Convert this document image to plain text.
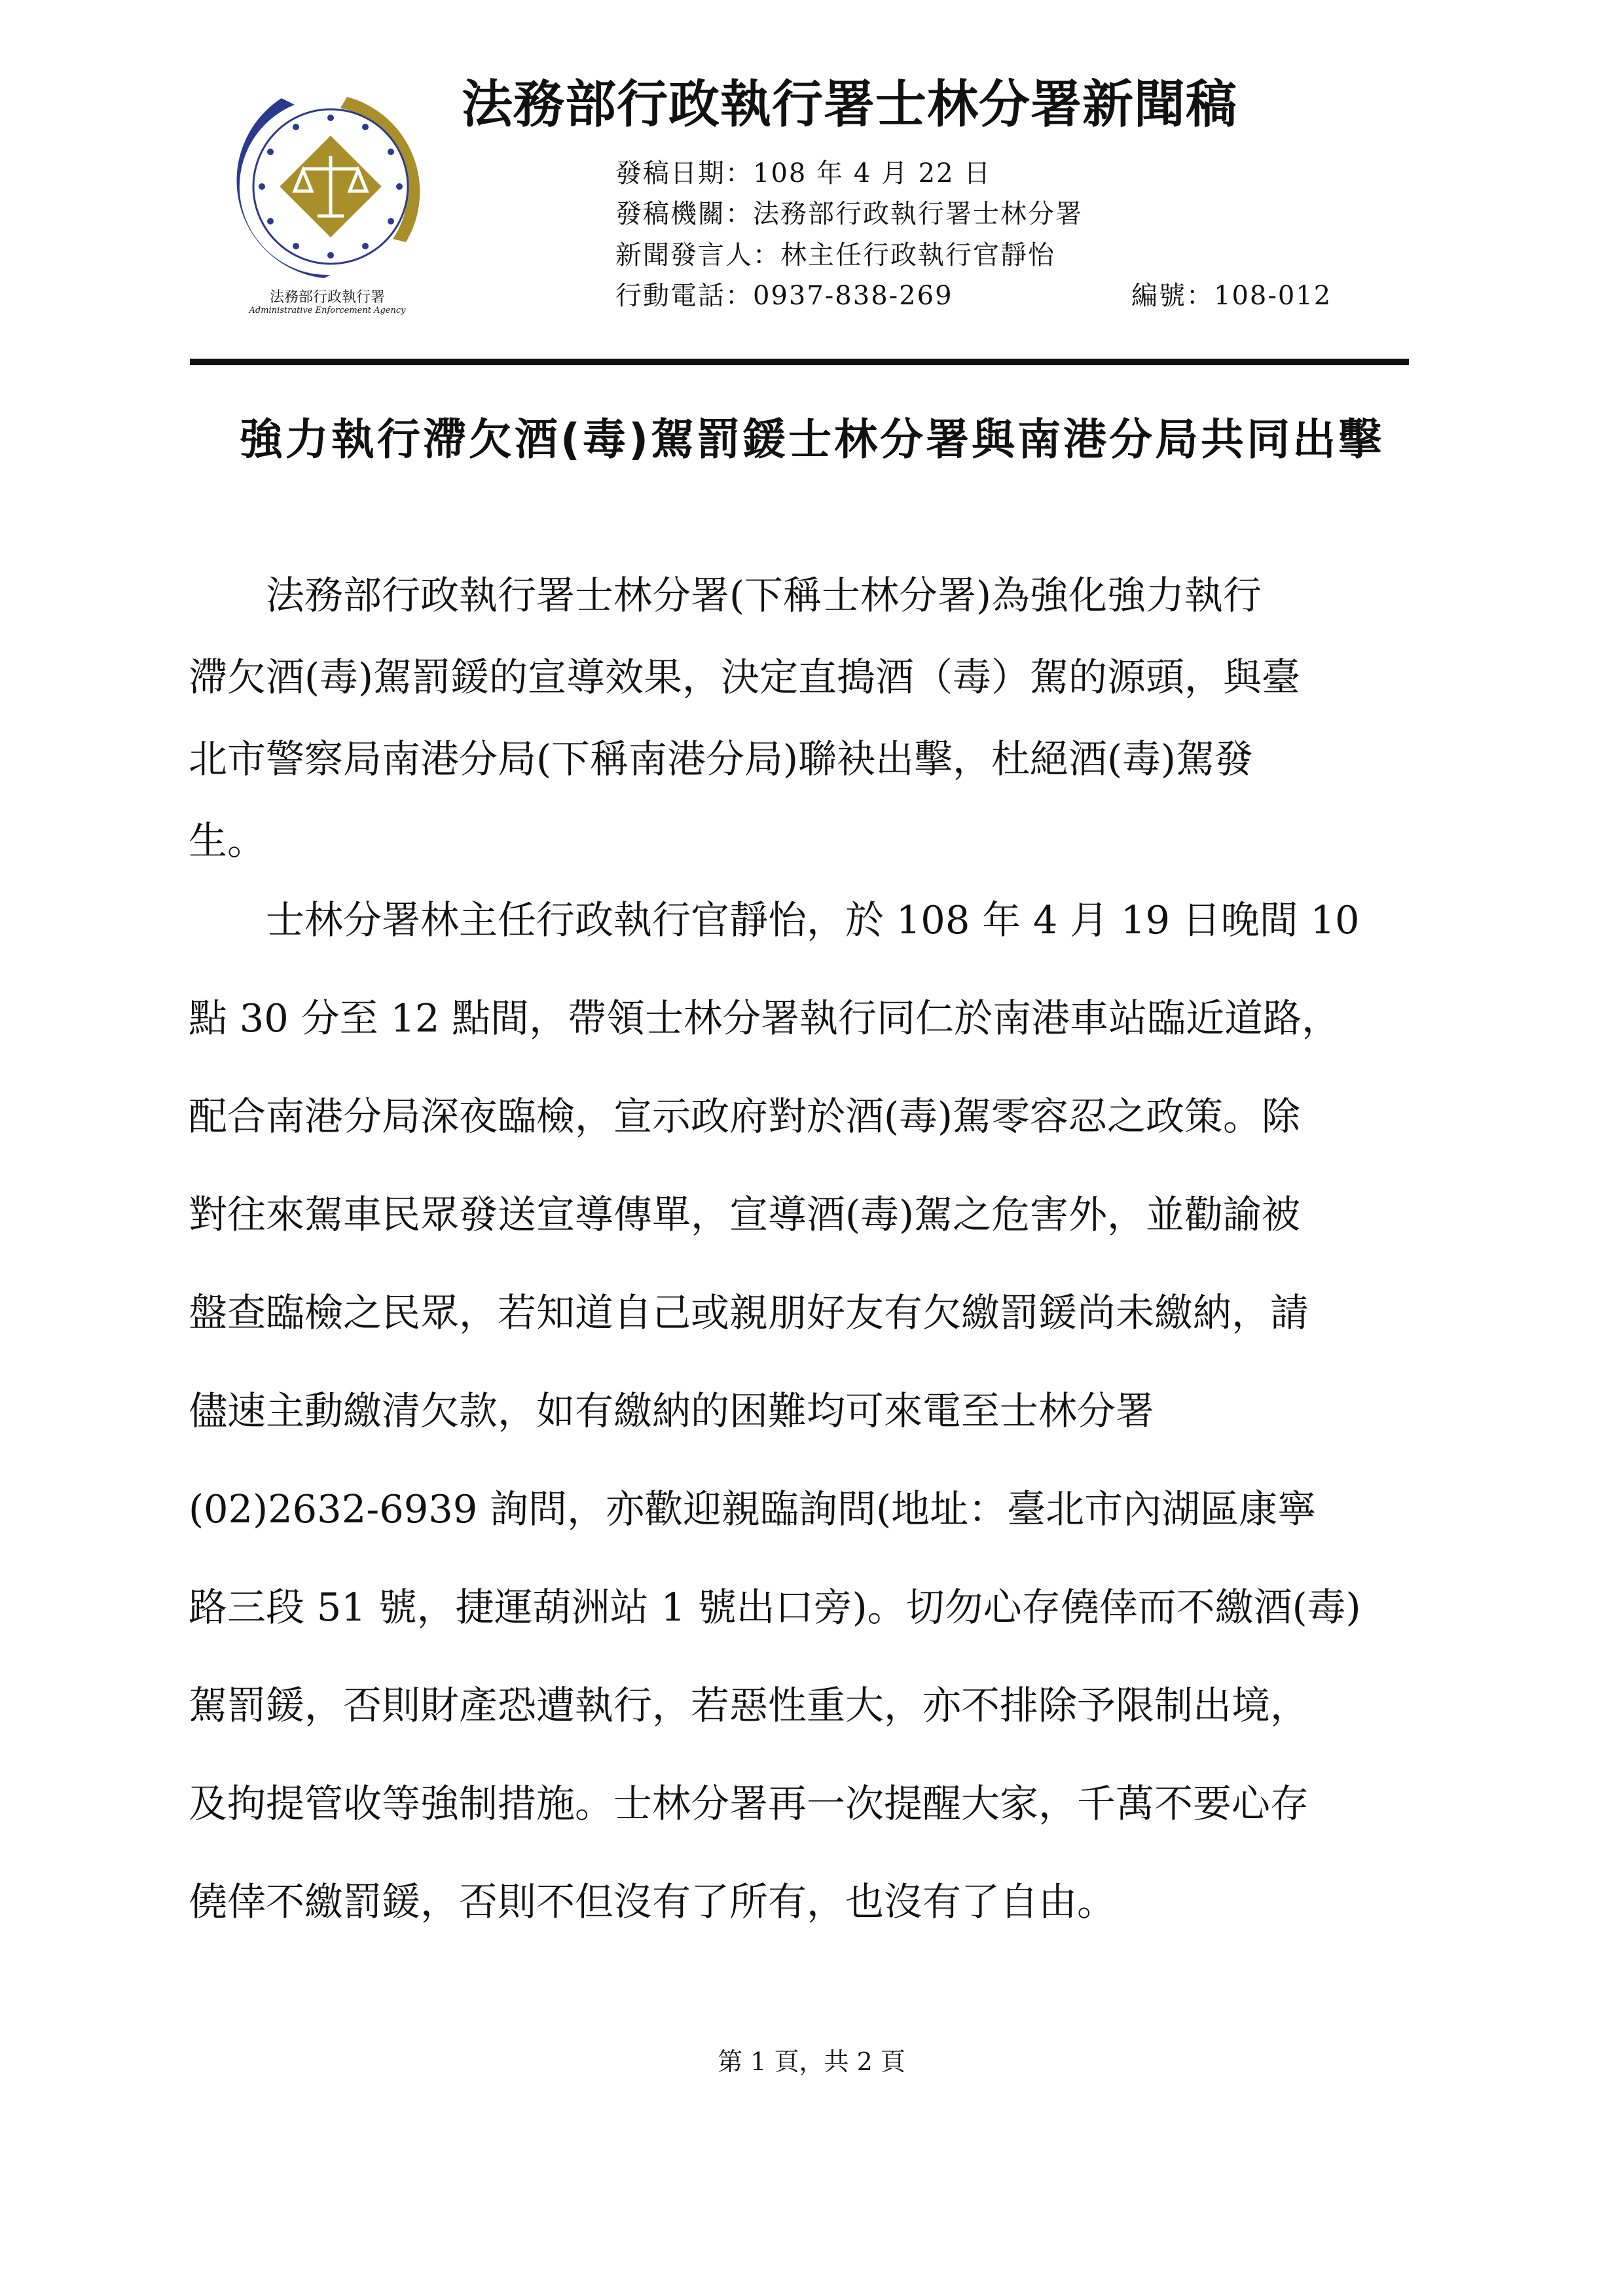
法務部行政執行署
Administrative Enforcement Agency
法務部行政執行署士林分署新聞稿
發稿日期：108 年 4 月 22 日
發稿機關：法務部行政執行署士林分署
新聞發言人：林主任行政執行官靜怡
行動電話：0937-838-269	編號：108-012
強力執行滯欠酒(毒)駕罰鍰士林分署與南港分局共同出擊
　　法務部行政執行署士林分署(下稱士林分署)為強化強力執行
滯欠酒(毒)駕罰鍰的宣導效果，決定直搗酒（毒）駕的源頭，與臺
北市警察局南港分局(下稱南港分局)聯袂出擊，杜絕酒(毒)駕發
生。
　　士林分署林主任行政執行官靜怡，於 108 年 4 月 19 日晚間 10
點 30 分至 12 點間，帶領士林分署執行同仁於南港車站臨近道路，
配合南港分局深夜臨檢，宣示政府對於酒(毒)駕零容忍之政策。除
對往來駕車民眾發送宣導傳單，宣導酒(毒)駕之危害外，並勸諭被
盤查臨檢之民眾，若知道自己或親朋好友有欠繳罰鍰尚未繳納，請
儘速主動繳清欠款，如有繳納的困難均可來電至士林分署
(02)2632-6939 詢問，亦歡迎親臨詢問(地址：臺北市內湖區康寧
路三段 51 號，捷運葫洲站 1 號出口旁)。切勿心存僥倖而不繳酒(毒)
駕罰鍰，否則財產恐遭執行，若惡性重大，亦不排除予限制出境，
及拘提管收等強制措施。士林分署再一次提醒大家，千萬不要心存
僥倖不繳罰鍰，否則不但沒有了所有，也沒有了自由。
第 1 頁，共 2 頁
